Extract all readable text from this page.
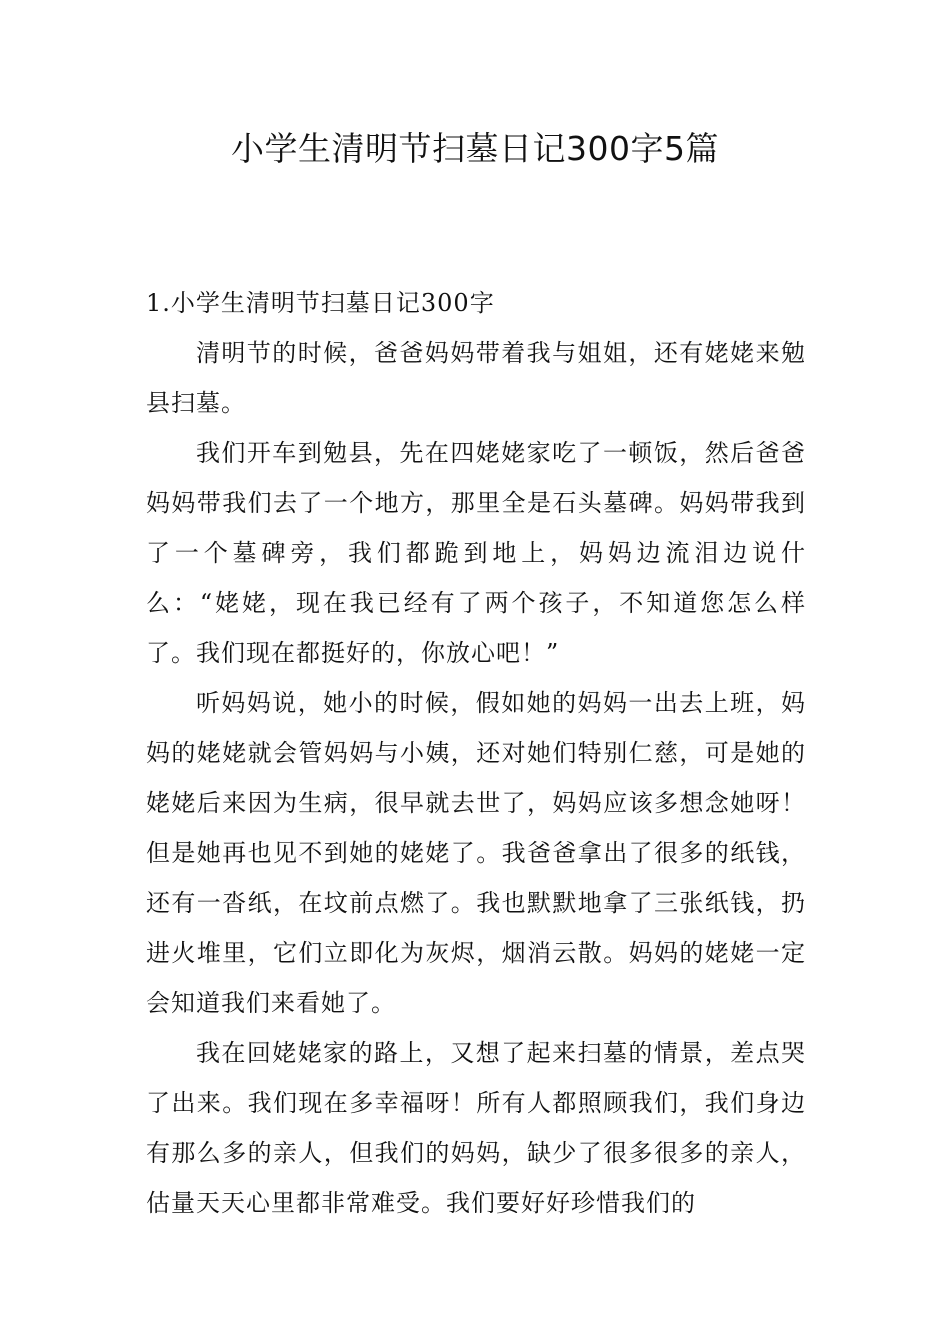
小学生清明节扫墓日记300字5篇
1.小学生清明节扫墓日记300字

清明节的时候，爸爸妈妈带着我与姐姐，还有姥姥来勉县扫墓。

我们开车到勉县，先在四姥姥家吃了一顿饭，然后爸爸妈妈带我们去了一个地方，那里全是石头墓碑。妈妈带我到了一个墓碑旁，我们都跪到地上，妈妈边流泪边说什么：“姥姥，现在我已经有了两个孩子，不知道您怎么样了。我们现在都挺好的，你放心吧！”

听妈妈说，她小的时候，假如她的妈妈一出去上班，妈妈的姥姥就会管妈妈与小姨，还对她们特别仁慈，可是她的姥姥后来因为生病，很早就去世了，妈妈应该多想念她呀！但是她再也见不到她的姥姥了。我爸爸拿出了很多的纸钱，还有一沓纸，在坟前点燃了。我也默默地拿了三张纸钱，扔进火堆里，它们立即化为灰烬，烟消云散。妈妈的姥姥一定会知道我们来看她了。

我在回姥姥家的路上，又想了起来扫墓的情景，差点哭了出来。我们现在多幸福呀！所有人都照顾我们，我们身边有那么多的亲人，但我们的妈妈，缺少了很多很多的亲人，估量天天心里都非常难受。我们要好好珍惜我们的
